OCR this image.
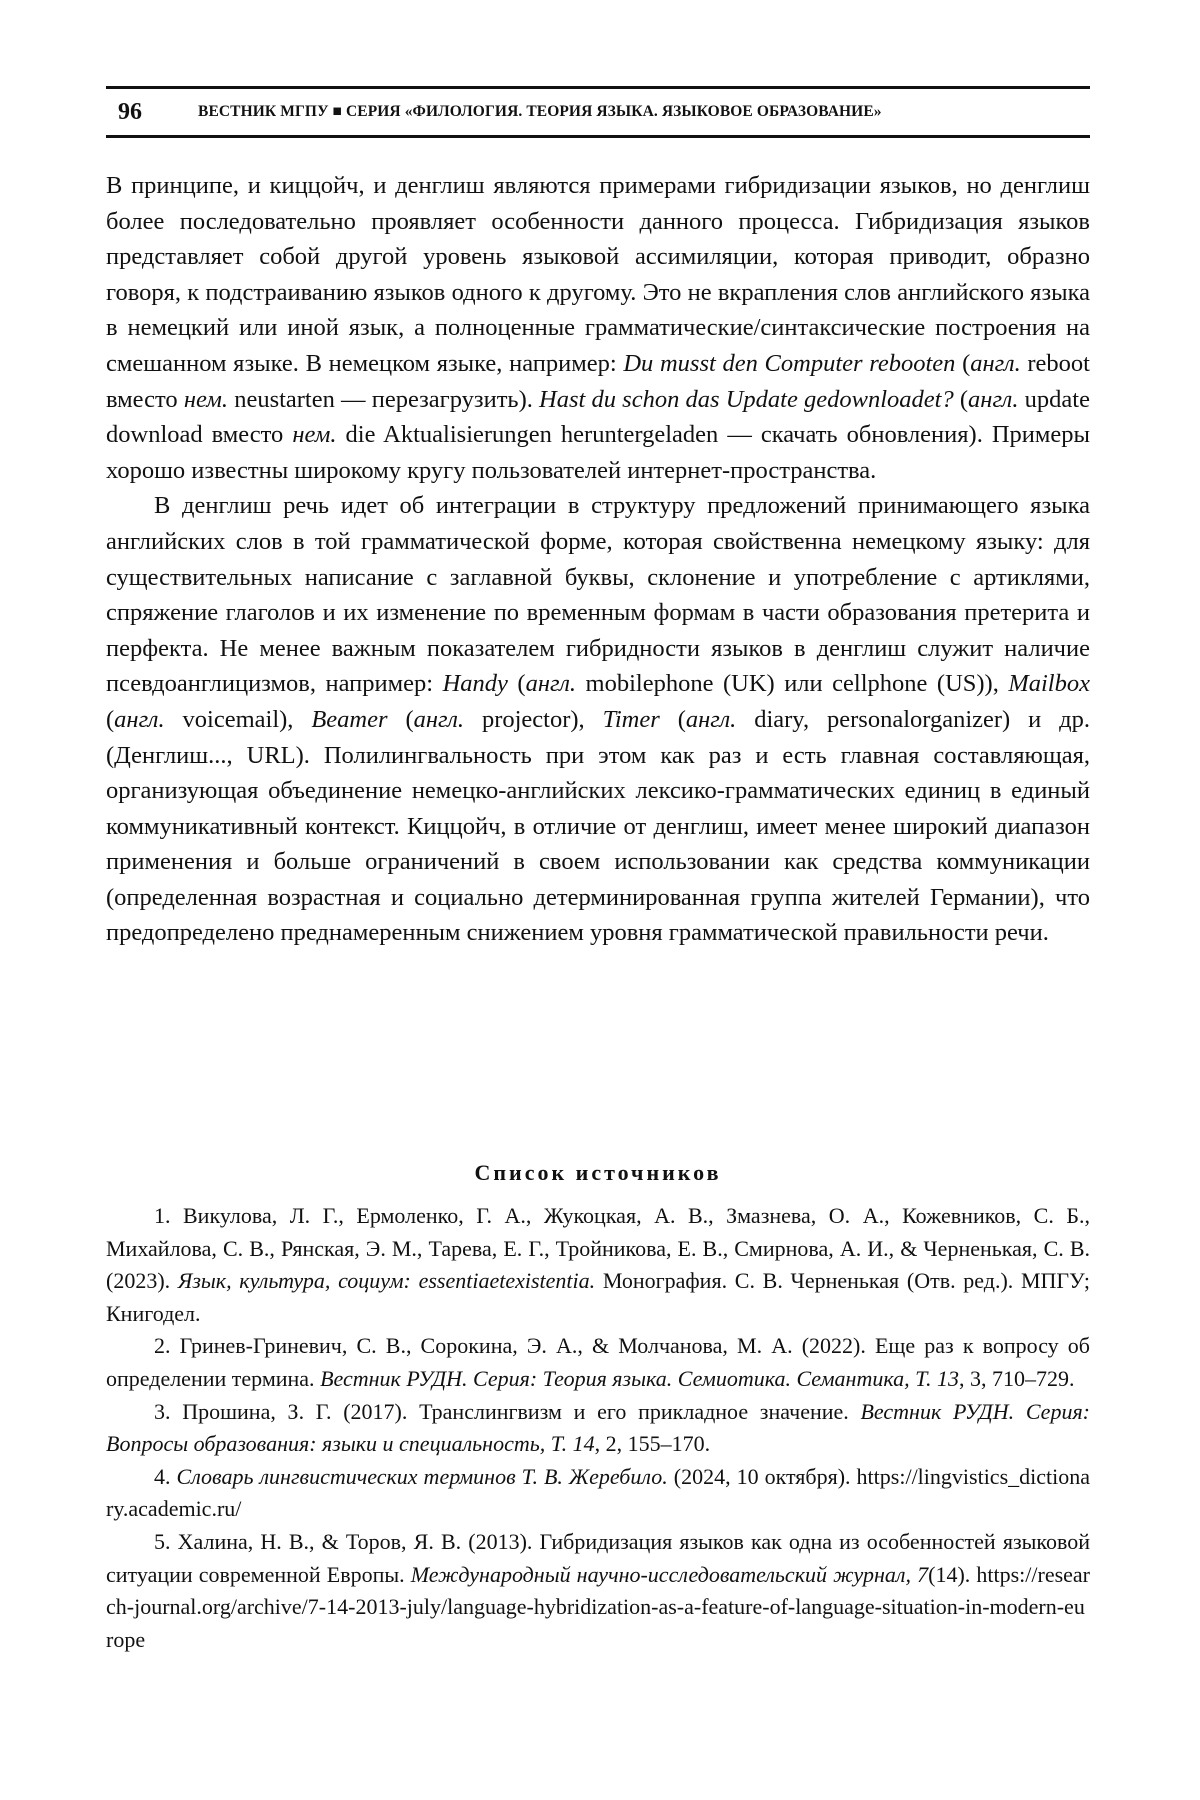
96	ВЕСТНИК МГПУ ■ СЕРИЯ «ФИЛОЛОГИЯ. ТЕОРИЯ ЯЗЫКА. ЯЗЫКОВОЕ ОБРАЗОВАНИЕ»

В принципе, и киццойч, и денглиш являются примерами гибридизации языков, но денглиш более последовательно проявляет особенности данного процесса. Гибридизация языков представляет собой другой уровень языковой ассими­ляции, которая приводит, образно говоря, к подстраиванию языков одного к другому. Это не вкрапления слов английского языка в немецкий или иной язык, а полноценные грамматические/синтаксические построения на сме­шанном языке. В немецком языке, например: Du musst den Computer rebooten (англ. reboot вместо нем. neustarten — перезагрузить). Hast du schon das Update gedownloadet? (англ. update download вместо нем. die Aktualisierungen heruntergeladen — скачать обновления). Примеры хорошо известны широкому кругу пользователей интернет-пространства.

В денглиш речь идет об интеграции в структуру предложений принимаю­щего языка английских слов в той грамматической форме, которая свойственна немецкому языку: для существительных написание с заглавной буквы, склоне­ние и употребление с артиклями, спряжение глаголов и их изменение по вре­менным формам в части образования претерита и перфекта. Не менее важным показателем гибридности языков в денглиш служит наличие псевдоанглициз­мов, например: Handy (англ. mobilephone (UK) или cellphone (US)), Mailbox (англ. voicemail), Beamer (англ. projector), Timer (англ. diary, personalorganizer) и др. (Денглиш..., URL). Полилингвальность при этом как раз и есть главная составляющая, организующая объединение немецко-английских лексико-грам­матических единиц в единый коммуникативный контекст. Киццойч, в отличие от денглиш, имеет менее широкий диапазон применения и больше ограничений в своем использовании как средства коммуникации (определенная возрастная и социально детерминированная группа жителей Германии), что предопре­делено преднамеренным снижением уровня грамматической правильности речи.

Список источников

1. Викулова, Л. Г., Ермоленко, Г. А., Жукоцкая, А. В., Змазнева, О. А., Кожевни­ков, С. Б., Михайлова, С. В., Рянская, Э. М., Тарева, Е. Г., Тройникова, Е. В., Смир­нова, А. И., & Черненькая, С. В. (2023). Язык, культура, социум: essentiaetexistentia. Монография. С. В. Черненькая (Отв. ред.). МПГУ; Книгодел.

2. Гринев-Гриневич, С. В., Сорокина, Э. А., & Молчанова, М. А. (2022). Еще раз к вопросу об определении термина. Вестник РУДН. Серия: Теория языка. Семиотика. Семантика, Т. 13, 3, 710–729.

3. Прошина, З. Г. (2017). Транслингвизм и его прикладное значение. Вестник РУДН. Серия: Вопросы образования: языки и специальность, Т. 14, 2, 155–170.

4. Словарь лингвистических терминов Т. В. Жеребило. (2024, 10 октября). https://lingvistics_dictionary.academic.ru/

5. Халина, Н. В., & Торов, Я. В. (2013). Гибридизация языков как одна из осо­бенностей языковой ситуации современной Европы. Международный научно-исследовательский журнал, 7(14). https://research-journal.org/archive/7-14-2013-july/language-hybridization-as-a-feature-of-language-situation-in-modern-europe
